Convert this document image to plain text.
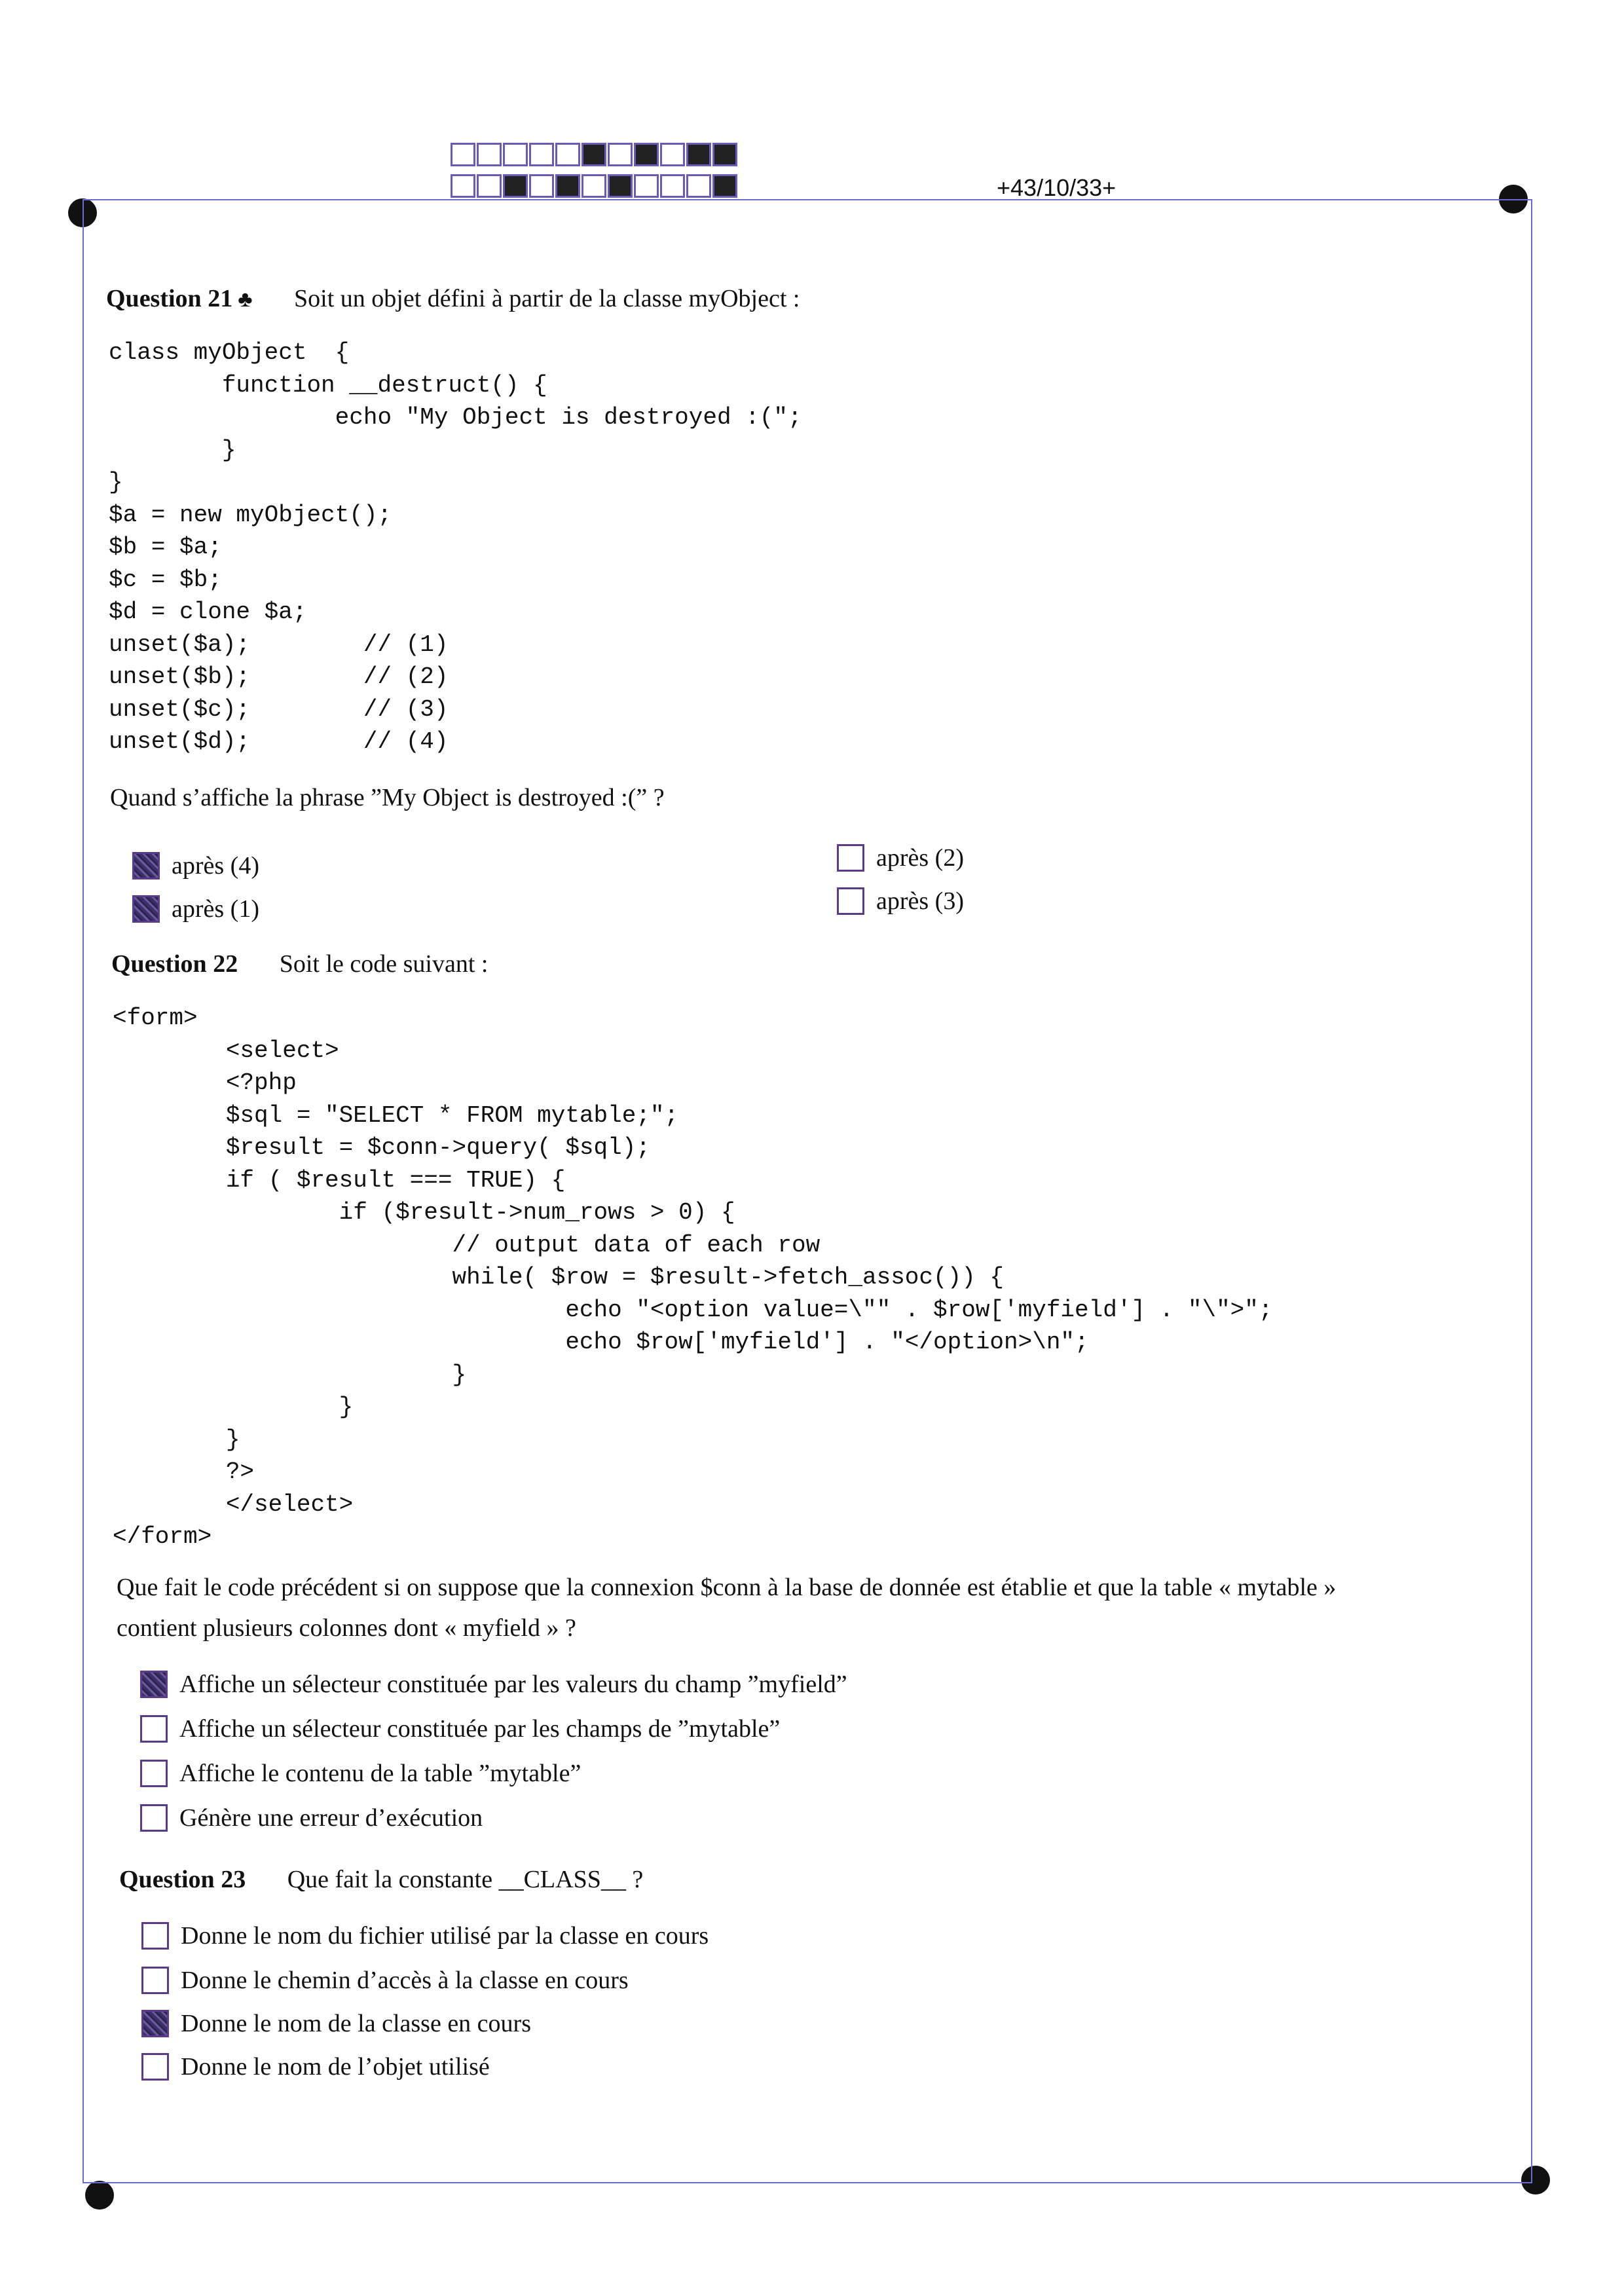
+43/10/33+
Question 21 ♣ Soit un objet défini à partir de la classe myObject :
class myObject  {
function __destruct() {
echo "My Object is destroyed :(";
}
}
$a = new myObject();
$b = $a;
$c = $b;
$d = clone $a;
unset($a);        // (1)
unset($b);        // (2)
unset($c);        // (3)
unset($d);        // (4)
Quand s’affiche la phrase ”My Object is destroyed :(” ?
après (4)
après (1)
après (2)
après (3)
Question 22 Soit le code suivant :
<form>
<select>
<?php
$sql = "SELECT * FROM mytable;";
$result = $conn->query( $sql);
if ( $result === TRUE) {
if ($result->num_rows > 0) {
// output data of each row
while( $row = $result->fetch_assoc()) {
echo "<option value=\"" . $row['myfield'] . "\">";
echo $row['myfield'] . "</option>\n";
}
}
}
?>
</select>
</form>
Que fait le code précédent si on suppose que la connexion $conn à la base de donnée est établie et que la table « mytable »
contient plusieurs colonnes dont « myfield » ?
Affiche un sélecteur constituée par les valeurs du champ ”myfield”
Affiche un sélecteur constituée par les champs de ”mytable”
Affiche le contenu de la table ”mytable”
Génère une erreur d’exécution
Question 23 Que fait la constante __CLASS__ ?
Donne le nom du fichier utilisé par la classe en cours
Donne le chemin d’accès à la classe en cours
Donne le nom de la classe en cours
Donne le nom de l’objet utilisé
